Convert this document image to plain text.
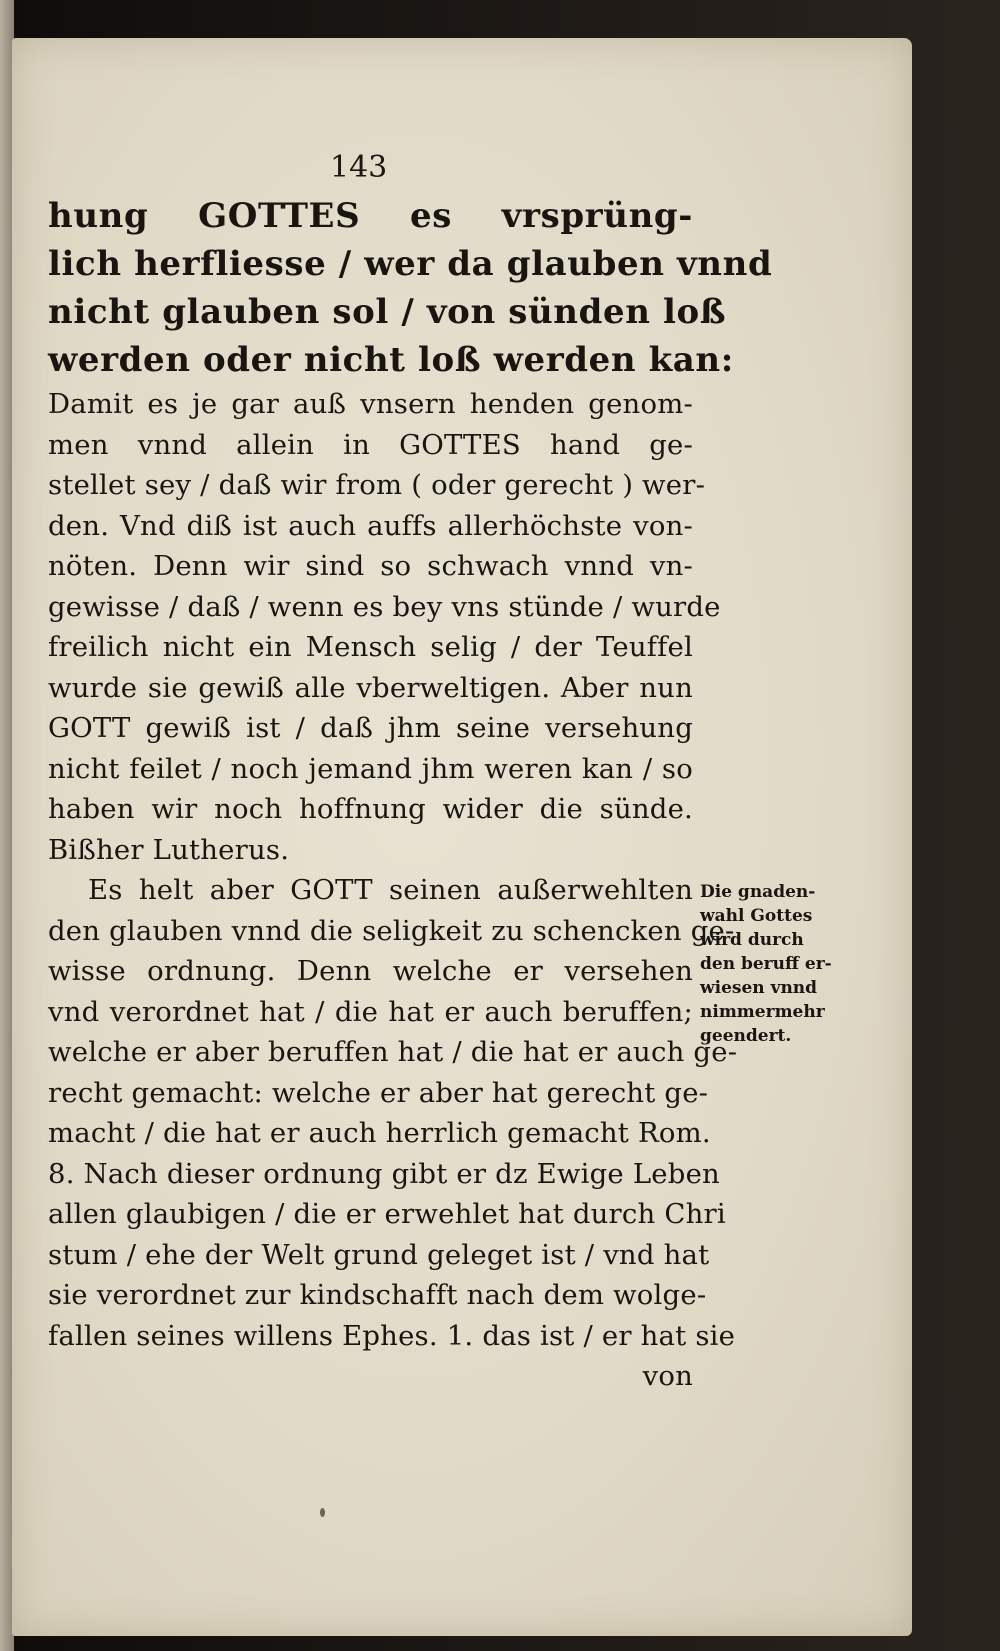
143
hung GOTTES es vrsprüng-
lich herfliesse / wer da glauben vnnd
nicht glauben sol / von sünden loß
werden oder nicht loß werden kan:
Damit es je gar auß vnsern henden genom-
men vnnd allein in GOTTES hand ge-
stellet sey / daß wir from ( oder gerecht ) wer-
den. Vnd diß ist auch auffs allerhöchste von-
nöten. Denn wir sind so schwach vnnd vn-
gewisse / daß / wenn es bey vns stünde / wurde
freilich nicht ein Mensch selig / der Teuffel
wurde sie gewiß alle vberweltigen. Aber nun
GOTT gewiß ist / daß jhm seine versehung
nicht feilet / noch jemand jhm weren kan / so
haben wir noch hoffnung wider die sünde.
Bißher Lutherus.
Es helt aber GOTT seinen außerwehlten
den glauben vnnd die seligkeit zu schencken ge-
wisse ordnung. Denn welche er versehen
vnd verordnet hat / die hat er auch beruffen;
welche er aber beruffen hat / die hat er auch ge-
recht gemacht: welche er aber hat gerecht ge-
macht / die hat er auch herrlich gemacht Rom.
8. Nach dieser ordnung gibt er dz Ewige Leben
allen glaubigen / die er erwehlet hat durch Chri
stum / ehe der Welt grund geleget ist / vnd hat
sie verordnet zur kindschafft nach dem wolge-
fallen seines willens Ephes. 1. das ist / er hat sie
von
Die gnaden-
wahl Gottes
wird durch
den beruff er-
wiesen vnnd
nimmermehr
geendert.
